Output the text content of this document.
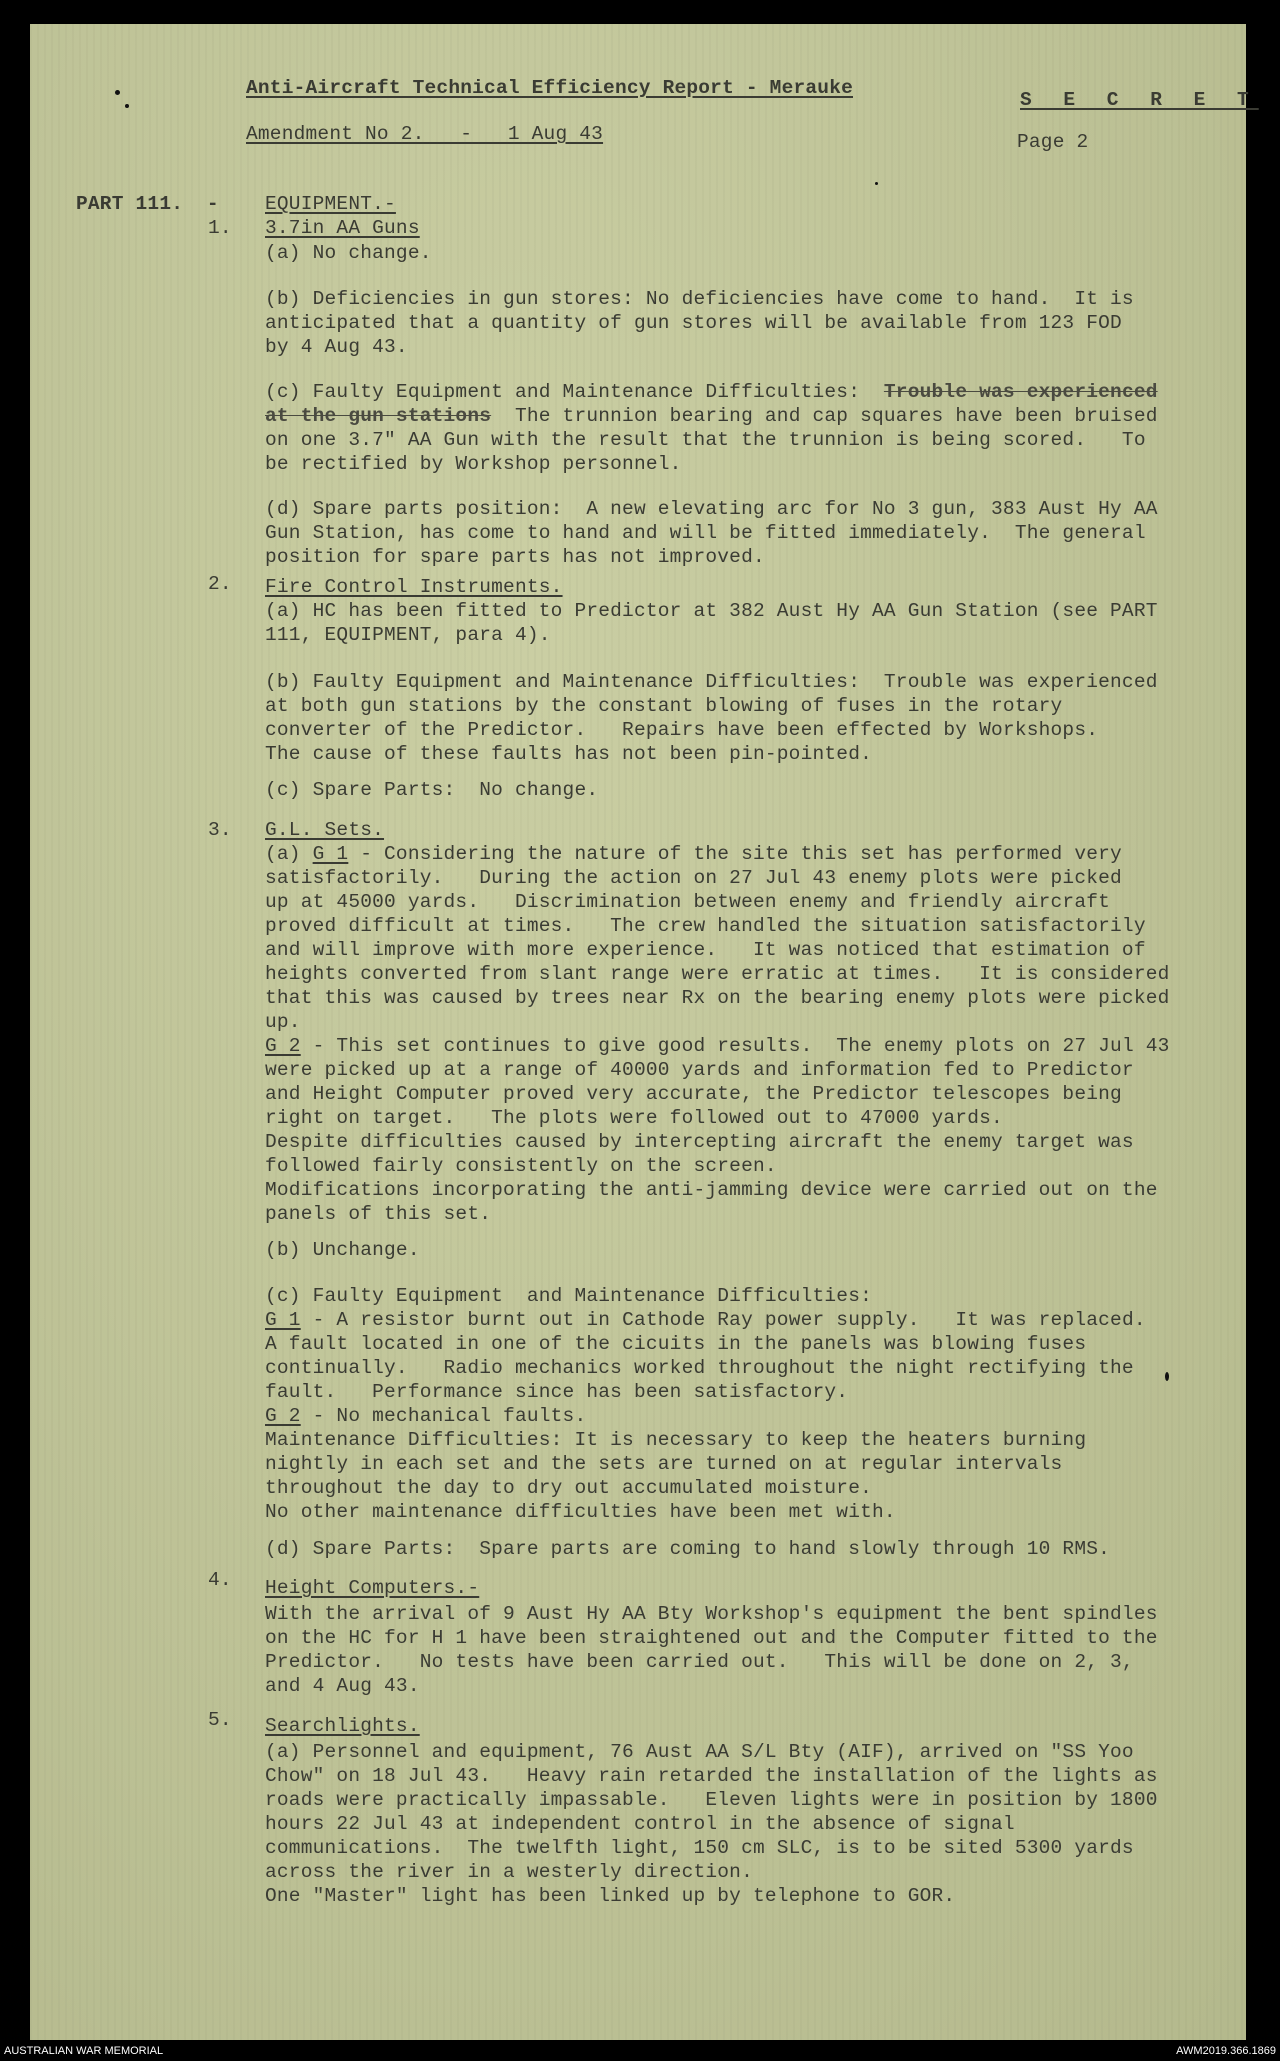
Anti-Aircraft Technical Efficiency Report - Merauke
Amendment No 2.   -   1 Aug 43
S E C R E T
Page 2
PART 111.  - EQUIPMENT.-
1. 3.7in AA Guns
(a) No change.
(b) Deficiencies in gun stores: No deficiencies have come to hand.  It is
anticipated that a quantity of gun stores will be available from 123 FOD
by 4 Aug 43.
(c) Faulty Equipment and Maintenance Difficulties:  Trouble was experienced
at the gun stations  The trunnion bearing and cap squares have been bruised
on one 3.7" AA Gun with the result that the trunnion is being scored.   To
be rectified by Workshop personnel.
(d) Spare parts position:  A new elevating arc for No 3 gun, 383 Aust Hy AA
Gun Station, has come to hand and will be fitted immediately.  The general
position for spare parts has not improved.
2. Fire Control Instruments.
(a) HC has been fitted to Predictor at 382 Aust Hy AA Gun Station (see PART
111, EQUIPMENT, para 4).
(b) Faulty Equipment and Maintenance Difficulties:  Trouble was experienced
at both gun stations by the constant blowing of fuses in the rotary
converter of the Predictor.   Repairs have been effected by Workshops.
The cause of these faults has not been pin-pointed.
(c) Spare Parts:  No change.
3. G.L. Sets.
(a) G 1 - Considering the nature of the site this set has performed very
satisfactorily.   During the action on 27 Jul 43 enemy plots were picked
up at 45000 yards.   Discrimination between enemy and friendly aircraft
proved difficult at times.   The crew handled the situation satisfactorily
and will improve with more experience.   It was noticed that estimation of
heights converted from slant range were erratic at times.   It is considered
that this was caused by trees near Rx on the bearing enemy plots were picked
up.
G 2 - This set continues to give good results.  The enemy plots on 27 Jul 43
were picked up at a range of 40000 yards and information fed to Predictor
and Height Computer proved very accurate, the Predictor telescopes being
right on target.   The plots were followed out to 47000 yards.
Despite difficulties caused by intercepting aircraft the enemy target was
followed fairly consistently on the screen.
Modifications incorporating the anti-jamming device were carried out on the
panels of this set.
(b) Unchange.
(c) Faulty Equipment  and Maintenance Difficulties:
G 1 - A resistor burnt out in Cathode Ray power supply.   It was replaced.
A fault located in one of the cicuits in the panels was blowing fuses
continually.   Radio mechanics worked throughout the night rectifying the
fault.   Performance since has been satisfactory.
G 2 - No mechanical faults.
Maintenance Difficulties: It is necessary to keep the heaters burning
nightly in each set and the sets are turned on at regular intervals
throughout the day to dry out accumulated moisture.
No other maintenance difficulties have been met with.
(d) Spare Parts:  Spare parts are coming to hand slowly through 10 RMS.
4. Height Computers.-
With the arrival of 9 Aust Hy AA Bty Workshop's equipment the bent spindles
on the HC for H 1 have been straightened out and the Computer fitted to the
Predictor.   No tests have been carried out.   This will be done on 2, 3,
and 4 Aug 43.
5. Searchlights.
(a) Personnel and equipment, 76 Aust AA S/L Bty (AIF), arrived on "SS Yoo
Chow" on 18 Jul 43.   Heavy rain retarded the installation of the lights as
roads were practically impassable.   Eleven lights were in position by 1800
hours 22 Jul 43 at independent control in the absence of signal
communications.  The twelfth light, 150 cm SLC, is to be sited 5300 yards
across the river in a westerly direction.
One "Master" light has been linked up by telephone to GOR.
AUSTRALIAN WAR MEMORIAL	AWM2019.366.1869
